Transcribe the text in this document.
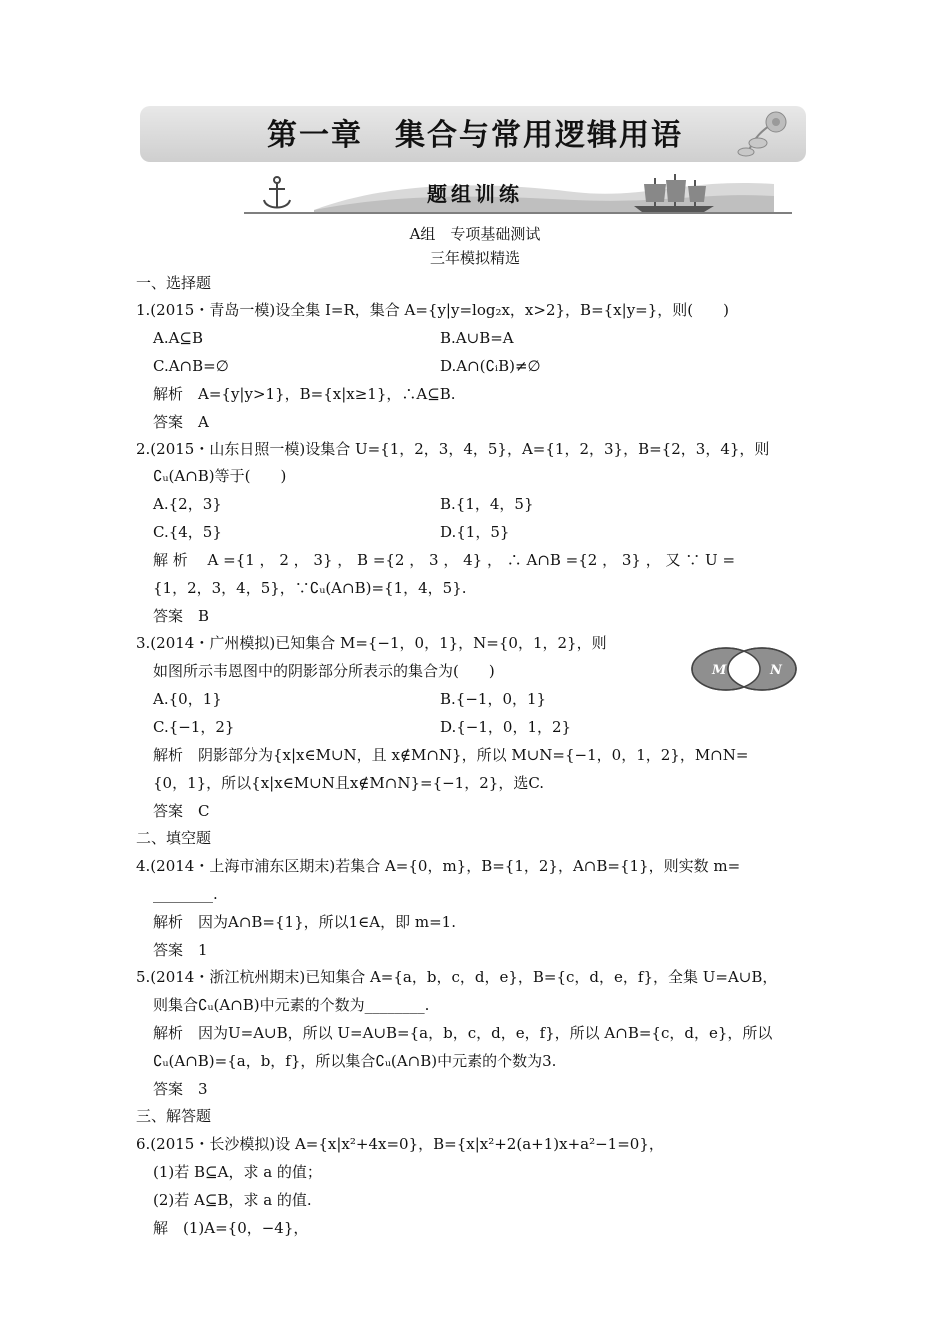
第一章　集合与常用逻辑用语
题组训练
A组　专项基础测试
三年模拟精选
一、选择题
1.(2015・青岛一模)设全集 I=R，集合 A={y|y=log₂x，x>2}，B={x|y=}，则(　　)
A.A⊆B	B.A∪B=A
C.A∩B=∅	D.A∩(∁ᵢB)≠∅
解析　A={y|y>1}，B={x|x≥1}，∴A⊆B.
答案　A
2.(2015・山东日照一模)设集合 U={1，2，3，4，5}，A={1，2，3}，B={2，3，4}，则
∁ᵤ(A∩B)等于(　　)
A.{2，3}	B.{1，4，5}
C.{4，5}	D.{1，5}
解 析　 A ={1 ， 2 ， 3} ， B ={2 ， 3 ， 4} ， ∴ A∩B ={2 ， 3} ， 又 ∵ U =
{1，2，3，4，5}，∵∁ᵤ(A∩B)={1，4，5}.
答案　B
3.(2014・广州模拟)已知集合 M={−1，0，1}，N={0，1，2}，则
如图所示韦恩图中的阴影部分所表示的集合为(　　)	M	N
A.{0，1}	B.{−1，0，1}
C.{−1，2}	D.{−1，0，1，2}
解析　阴影部分为{x|x∈M∪N，且 x∉M∩N}，所以 M∪N={−1，0，1，2}，M∩N=
{0，1}，所以{x|x∈M∪N且x∉M∩N}={−1，2}，选C.
答案　C
二、填空题
4.(2014・上海市浦东区期末)若集合 A={0，m}，B={1，2}，A∩B={1}，则实数 m=
________.
解析　因为A∩B={1}，所以1∈A，即 m=1.
答案　1
5.(2014・浙江杭州期末)已知集合 A={a，b，c，d，e}，B={c，d，e，f}，全集 U=A∪B，
则集合∁ᵤ(A∩B)中元素的个数为________.
解析　因为U=A∪B，所以 U=A∪B={a，b，c，d，e，f}，所以 A∩B={c，d，e}，所以
∁ᵤ(A∩B)={a，b，f}，所以集合∁ᵤ(A∩B)中元素的个数为3.
答案　3
三、解答题
6.(2015・长沙模拟)设 A={x|x²+4x=0}，B={x|x²+2(a+1)x+a²−1=0}，
(1)若 B⊆A，求 a 的值；
(2)若 A⊆B，求 a 的值.
解　(1)A={0，−4}，
